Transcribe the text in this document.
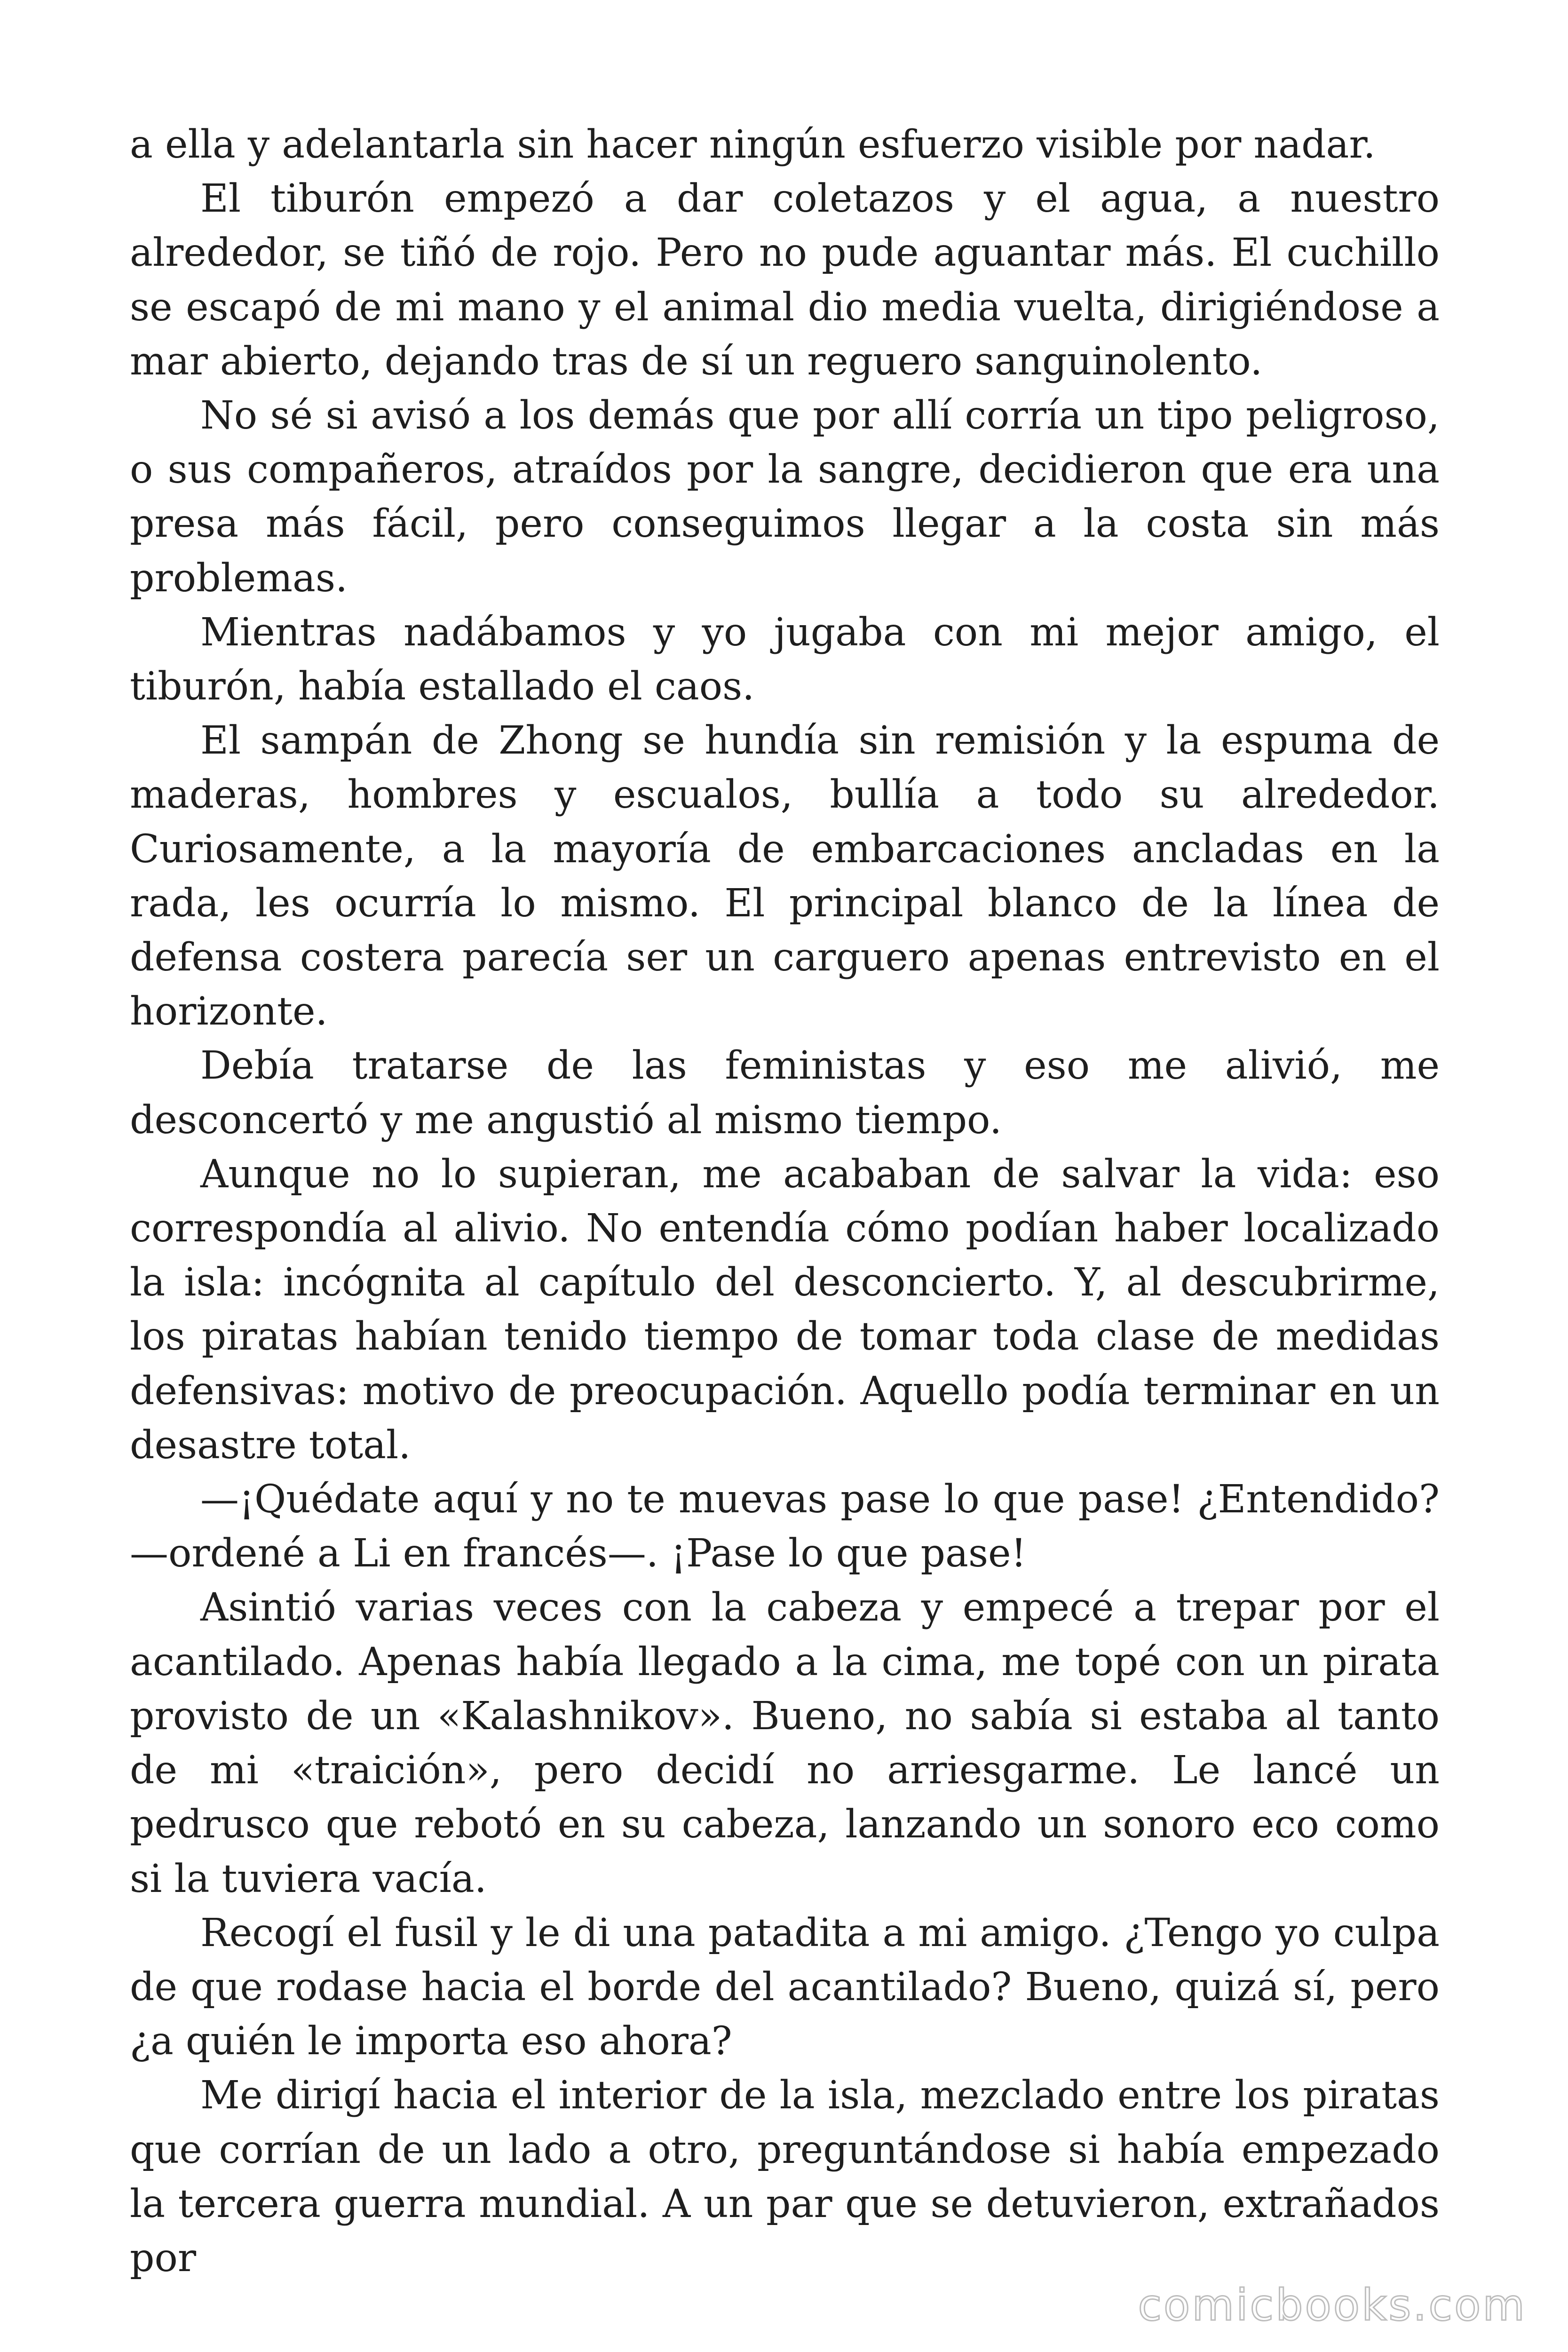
a ella y adelantarla sin hacer ningún esfuerzo visible por nadar.

El tiburón empezó a dar coletazos y el agua, a nuestro alrededor, se tiñó de rojo. Pero no pude aguantar más. El cuchillo se escapó de mi mano y el animal dio media vuelta, dirigiéndose a mar abierto, dejando tras de sí un reguero sanguinolento.

No sé si avisó a los demás que por allí corría un tipo peligroso, o sus compañeros, atraídos por la sangre, decidieron que era una presa más fácil, pero conseguimos llegar a la costa sin más problemas.

Mientras nadábamos y yo jugaba con mi mejor amigo, el tiburón, había estallado el caos.

El sampán de Zhong se hundía sin remisión y la espuma de maderas, hombres y escualos, bullía a todo su alrededor. Curiosamente, a la mayoría de embarcaciones ancladas en la rada, les ocurría lo mismo. El principal blanco de la línea de defensa costera parecía ser un carguero apenas entrevisto en el horizonte.

Debía tratarse de las feministas y eso me alivió, me desconcertó y me angustió al mismo tiempo.

Aunque no lo supieran, me acababan de salvar la vida: eso correspondía al alivio. No entendía cómo podían haber localizado la isla: incógnita al capítulo del desconcierto. Y, al descubrirme, los piratas habían tenido tiempo de tomar toda clase de medidas defensivas: motivo de preocupación. Aquello podía terminar en un desastre total.

—¡Quédate aquí y no te muevas pase lo que pase! ¿Entendido? —ordené a Li en francés—. ¡Pase lo que pase!

Asintió varias veces con la cabeza y empecé a trepar por el acantilado. Apenas había llegado a la cima, me topé con un pirata provisto de un «Kalashnikov». Bueno, no sabía si estaba al tanto de mi «traición», pero decidí no arriesgarme. Le lancé un pedrusco que rebotó en su cabeza, lanzando un sonoro eco como si la tuviera vacía.

Recogí el fusil y le di una patadita a mi amigo. ¿Tengo yo culpa de que rodase hacia el borde del acantilado? Bueno, quizá sí, pero ¿a quién le importa eso ahora?

Me dirigí hacia el interior de la isla, mezclado entre los piratas que corrían de un lado a otro, preguntándose si había empezado la tercera guerra mundial. A un par que se detuvieron, extrañados por

comicbooks.com
